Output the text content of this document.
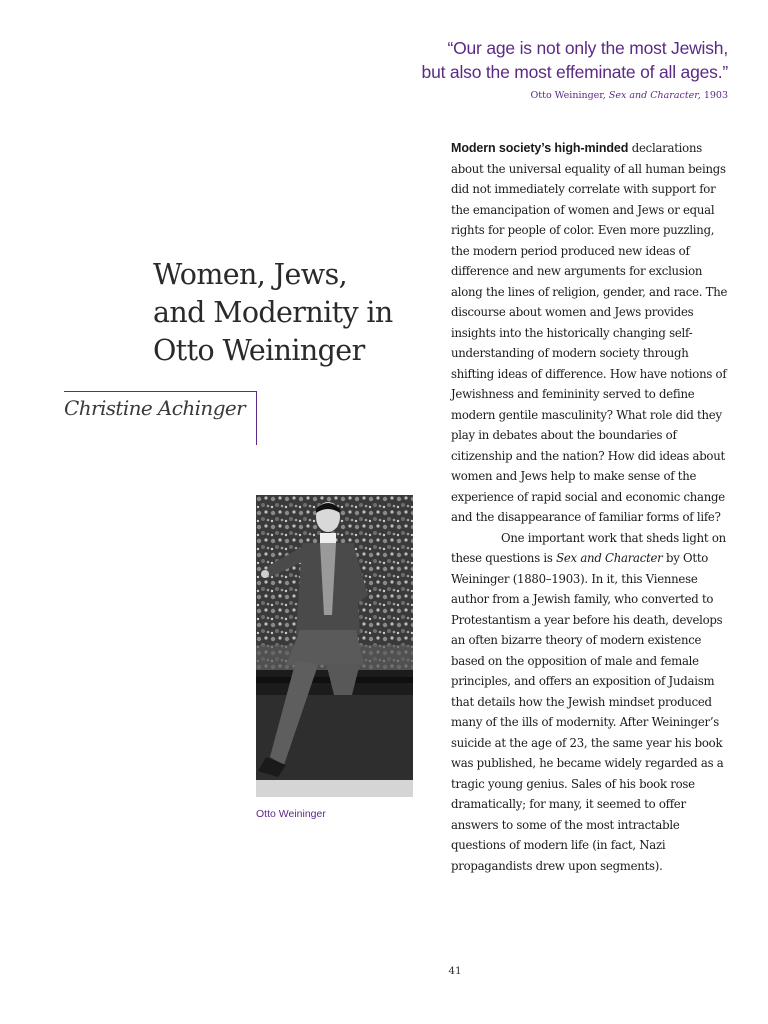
“Our age is not only the most Jewish,
but also the most effeminate of all ages.”
Otto Weininger, Sex and Character, 1903
Women, Jews,
and Modernity in
Otto Weininger
Christine Achinger
Otto Weininger

Modern society’s high-minded declarations about the universal equality of all human beings did not immediately correlate with support for the emancipation of women and Jews or equal rights for people of color. Even more puzzling, the modern period produced new ideas of difference and new arguments for exclusion along the lines of religion, gender, and race. The discourse about women and Jews provides insights into the historically changing self-understanding of modern society through shifting ideas of difference. How have notions of Jewishness and femininity served to define modern gentile masculinity? What role did they play in debates about the boundaries of citizenship and the nation? How did ideas about women and Jews help to make sense of the experience of rapid social and economic change and the disappearance of familiar forms of life?

One important work that sheds light on these questions is Sex and Character by Otto Weininger (1880–1903). In it, this Viennese author from a Jewish family, who converted to Protestantism a year before his death, develops an often bizarre theory of modern existence based on the opposition of male and female principles, and offers an exposition of Judaism that details how the Jewish mindset produced many of the ills of modernity. After Weininger’s suicide at the age of 23, the same year his book was published, he became widely regarded as a tragic young genius. Sales of his book rose dramatically; for many, it seemed to offer answers to some of the most intractable questions of modern life (in fact, Nazi propagandists drew upon segments).

41
